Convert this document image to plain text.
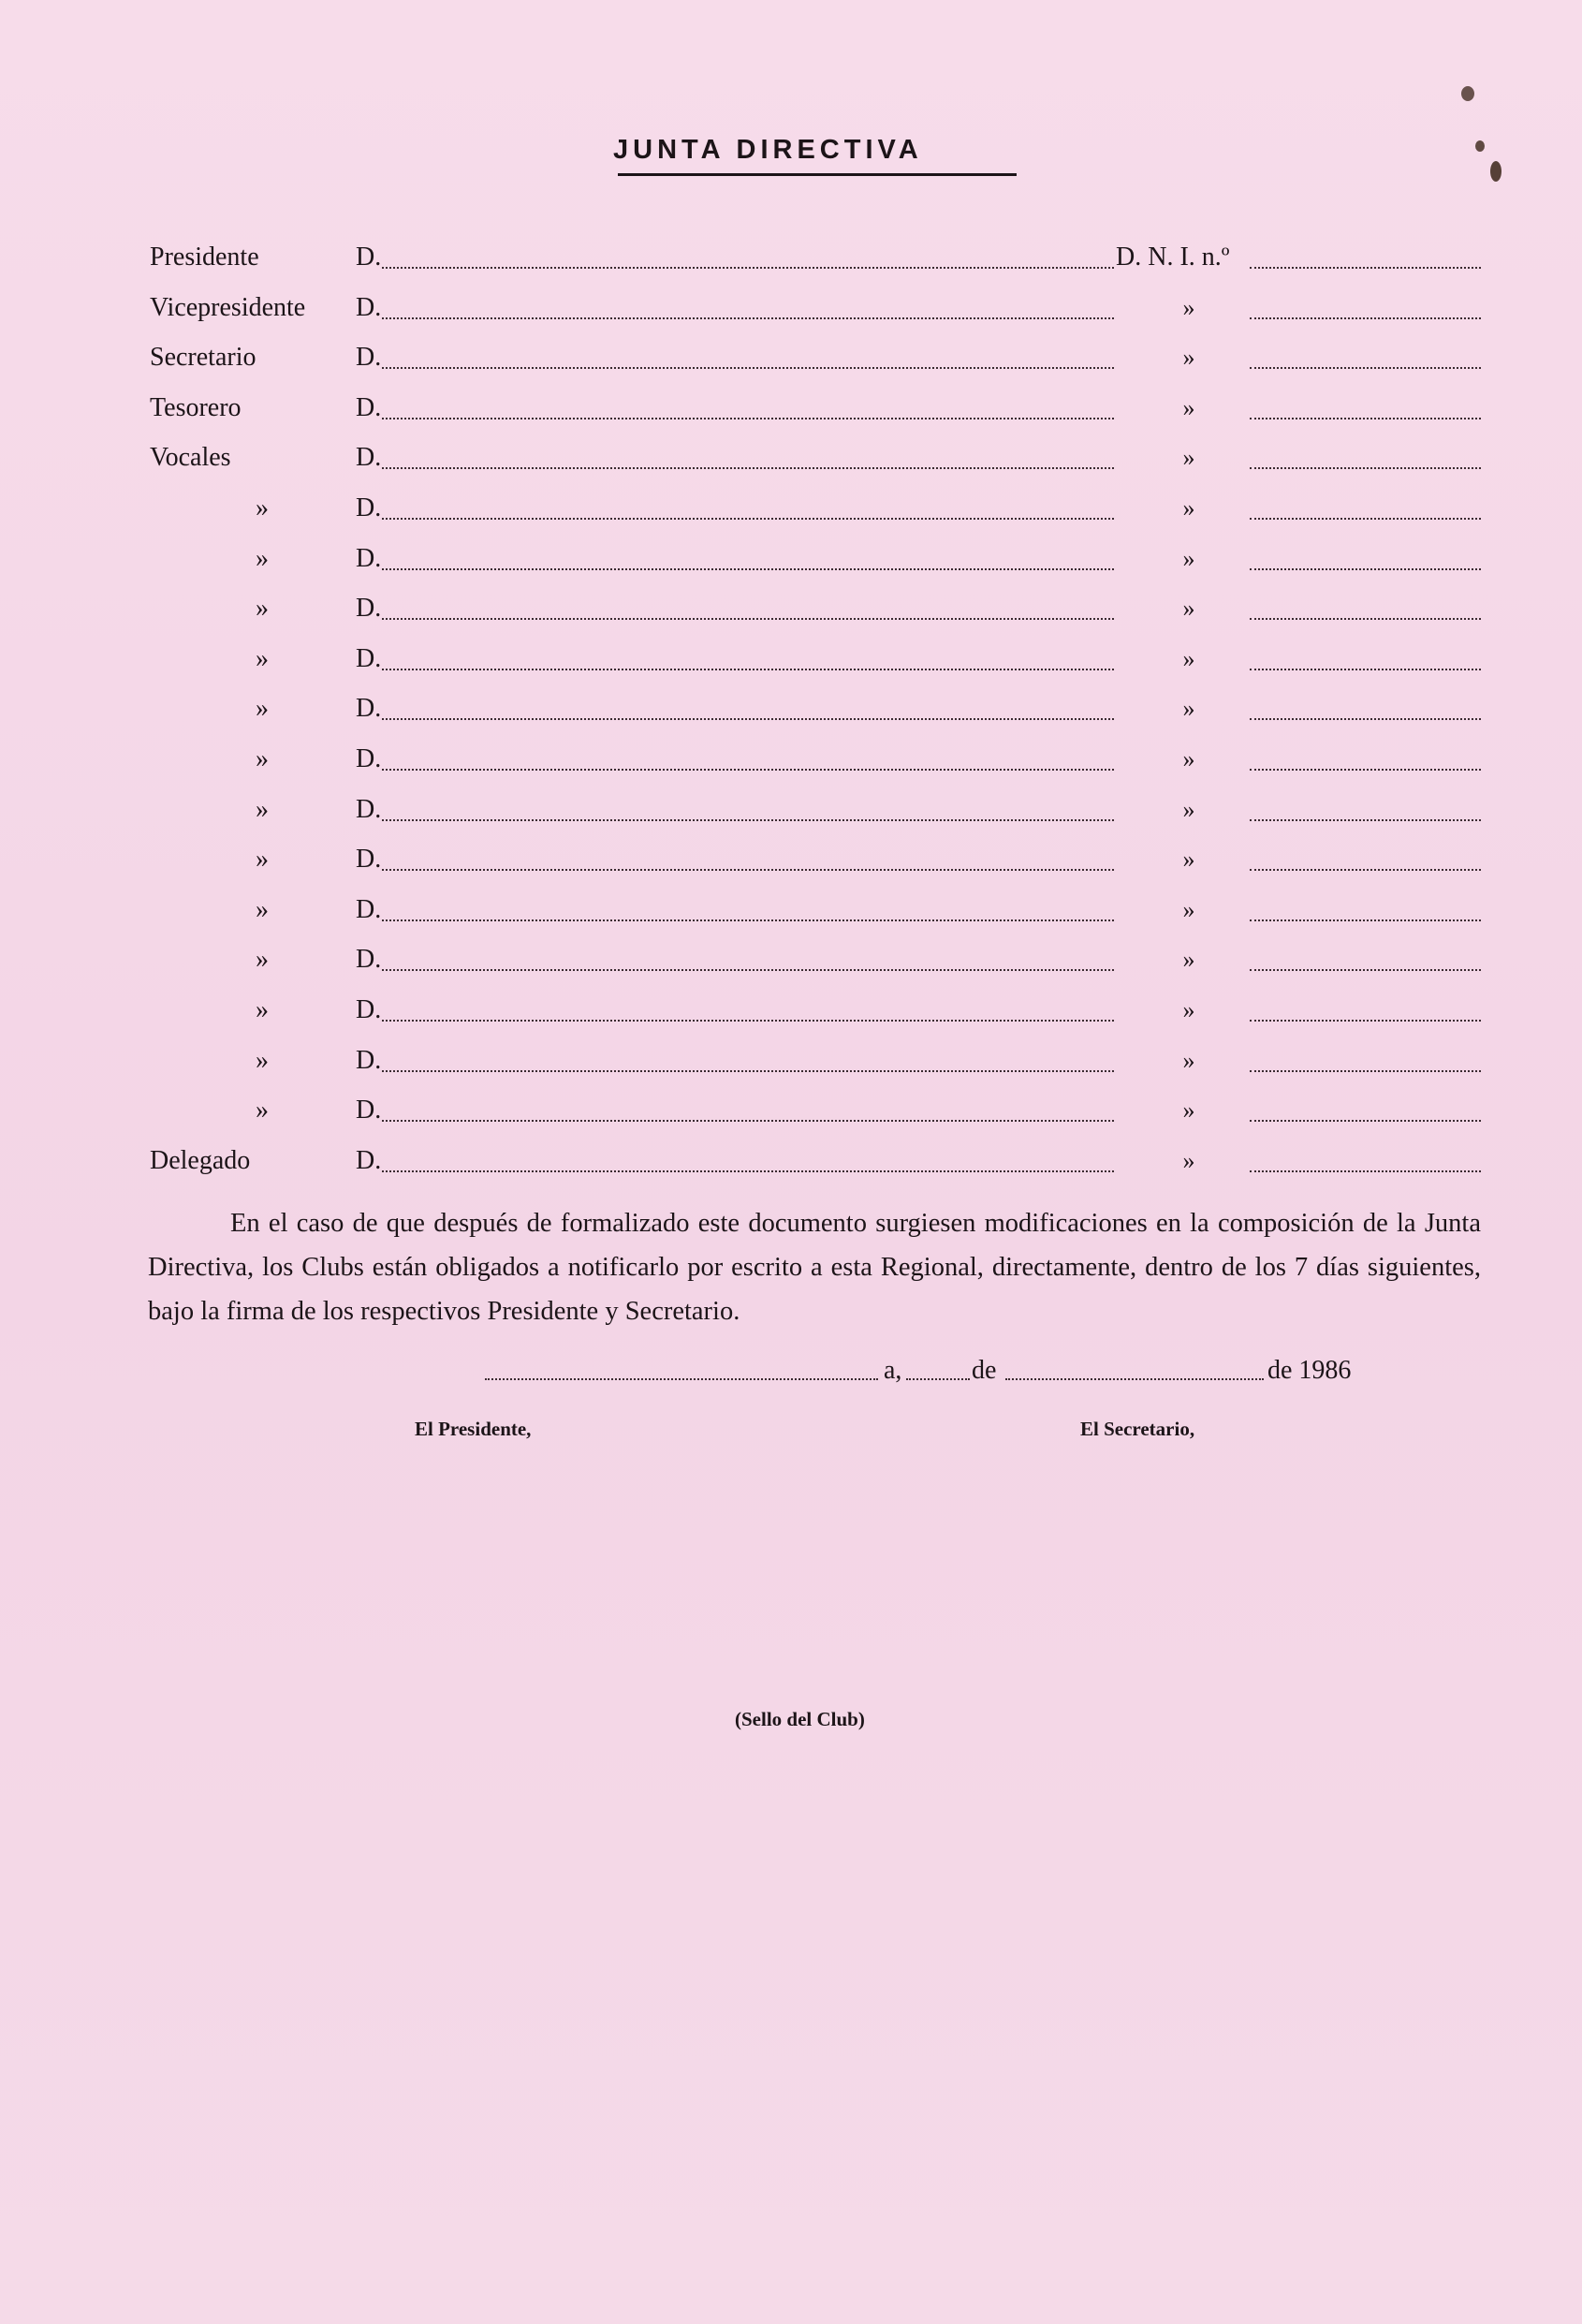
JUNTA DIRECTIVA
Presidente	D.	D. N. I. n.º
Vicepresidente D.	»
Secretario	D.	»
Tesorero	D.	»
Vocales	D.	»
»	D.	»
»	D.	»
»	D.	»
»	D.	»
»	D.	»
»	D.	»
»	D.	»
»	D.	»
»	D.	»
»	D.	»
»	D.	»
»	D.	»
»	D.	»
Delegado	D.	»
En el caso de que después de formalizado este documento surgiesen modificaciones en la composición de la Junta Directiva, los Clubs están obligados a notificarlo por escrito a esta Regional, directamente, dentro de los 7 días siguientes, bajo la firma de los respectivos Presidente y Secretario.
a,	de	de 1986
El Presidente,	El Secretario,
(Sello del Club)
